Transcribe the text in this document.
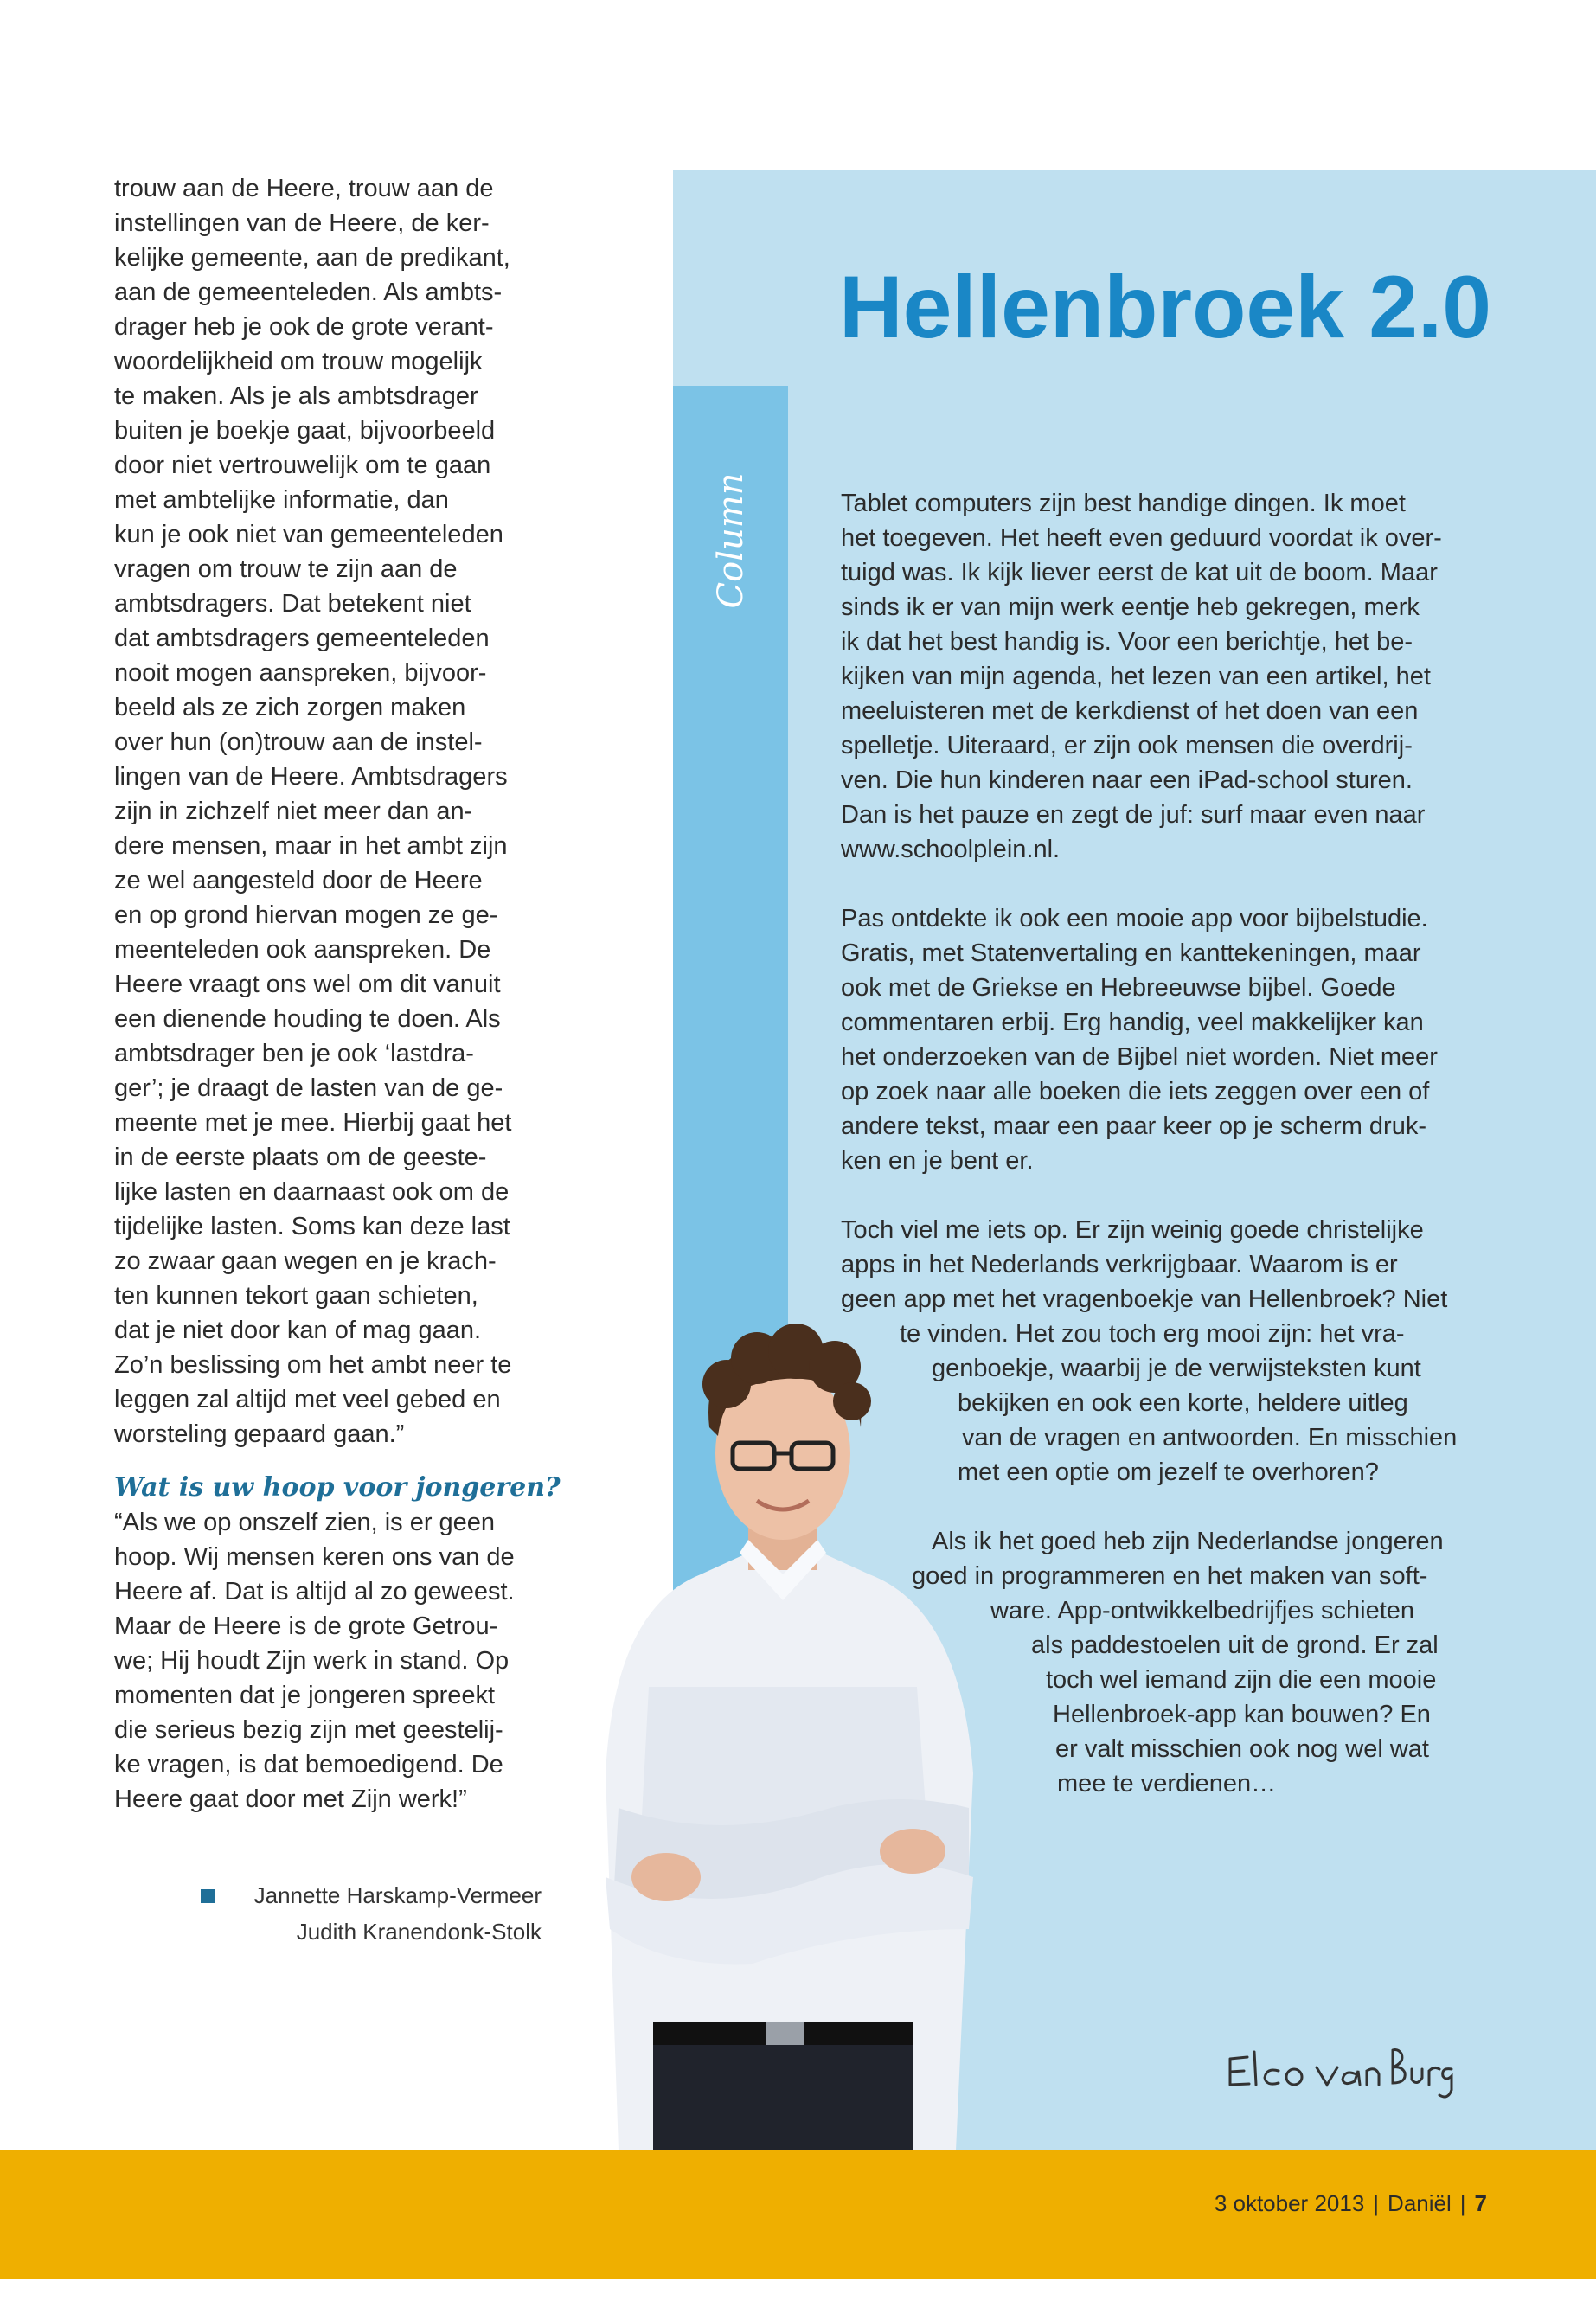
trouw aan de Heere, trouw aan de
instellingen van de Heere, de ker-
kelijke gemeente, aan de predikant,
aan de gemeenteleden. Als ambts-
drager heb je ook de grote verant-
woordelijkheid om trouw mogelijk
te maken. Als je als ambtsdrager
buiten je boekje gaat, bijvoorbeeld
door niet vertrouwelijk om te gaan
met ambtelijke informatie, dan
kun je ook niet van gemeenteleden
vragen om trouw te zijn aan de
ambtsdragers. Dat betekent niet
dat ambtsdragers gemeenteleden
nooit mogen aanspreken, bijvoor-
beeld als ze zich zorgen maken
over hun (on)trouw aan de instel-
lingen van de Heere. Ambtsdragers
zijn in zichzelf niet meer dan an-
dere mensen, maar in het ambt zijn
ze wel aangesteld door de Heere
en op grond hiervan mogen ze ge-
meenteleden ook aanspreken. De
Heere vraagt ons wel om dit vanuit
een dienende houding te doen. Als
ambtsdrager ben je ook ‘lastdra-
ger’; je draagt de lasten van de ge-
meente met je mee. Hierbij gaat het
in de eerste plaats om de geeste-
lijke lasten en daarnaast ook om de
tijdelijke lasten. Soms kan deze last
zo zwaar gaan wegen en je krach-
ten kunnen tekort gaan schieten,
dat je niet door kan of mag gaan.
Zo’n beslissing om het ambt neer te
leggen zal altijd met veel gebed en
worsteling gepaard gaan.”
Wat is uw hoop voor jongeren?
“Als we op onszelf zien, is er geen
hoop. Wij mensen keren ons van de
Heere af. Dat is altijd al zo geweest.
Maar de Heere is de grote Getrou-
we; Hij houdt Zijn werk in stand. Op
momenten dat je jongeren spreekt
die serieus bezig zijn met geestelij-
ke vragen, is dat bemoedigend. De
Heere gaat door met Zijn werk!”
Jannette Harskamp-Vermeer
Judith Kranendonk-Stolk
Column
Hellenbroek 2.0
Tablet computers zijn best handige dingen. Ik moet
het toegeven. Het heeft even geduurd voordat ik over-
tuigd was. Ik kijk liever eerst de kat uit de boom. Maar
sinds ik er van mijn werk eentje heb gekregen, merk
ik dat het best handig is. Voor een berichtje, het be-
kijken van mijn agenda, het lezen van een artikel, het
meeluisteren met de kerkdienst of het doen van een
spelletje. Uiteraard, er zijn ook mensen die overdrij-
ven. Die hun kinderen naar een iPad-school sturen.
Dan is het pauze en zegt de juf: surf maar even naar
www.schoolplein.nl.
Pas ontdekte ik ook een mooie app voor bijbelstudie.
Gratis, met Statenvertaling en kanttekeningen, maar
ook met de Griekse en Hebreeuwse bijbel. Goede
commentaren erbij. Erg handig, veel makkelijker kan
het onderzoeken van de Bijbel niet worden. Niet meer
op zoek naar alle boeken die iets zeggen over een of
andere tekst, maar een paar keer op je scherm druk-
ken en je bent er.
Toch viel me iets op. Er zijn weinig goede christelijke
apps in het Nederlands verkrijgbaar. Waarom is er
geen app met het vragenboekje van Hellenbroek? Niet
te vinden. Het zou toch erg mooi zijn: het vra-
genboekje, waarbij je de verwijsteksten kunt
bekijken en ook een korte, heldere uitleg
van de vragen en antwoorden. En misschien
met een optie om jezelf te overhoren?
Als ik het goed heb zijn Nederlandse jongeren
goed in programmeren en het maken van soft-
ware. App-ontwikkelbedrijfjes schieten
als paddestoelen uit de grond. Er zal
toch wel iemand zijn die een mooie
Hellenbroek-app kan bouwen? En
er valt misschien ook nog wel wat
mee te verdienen…
3 oktober 2013 | Daniël | 7
